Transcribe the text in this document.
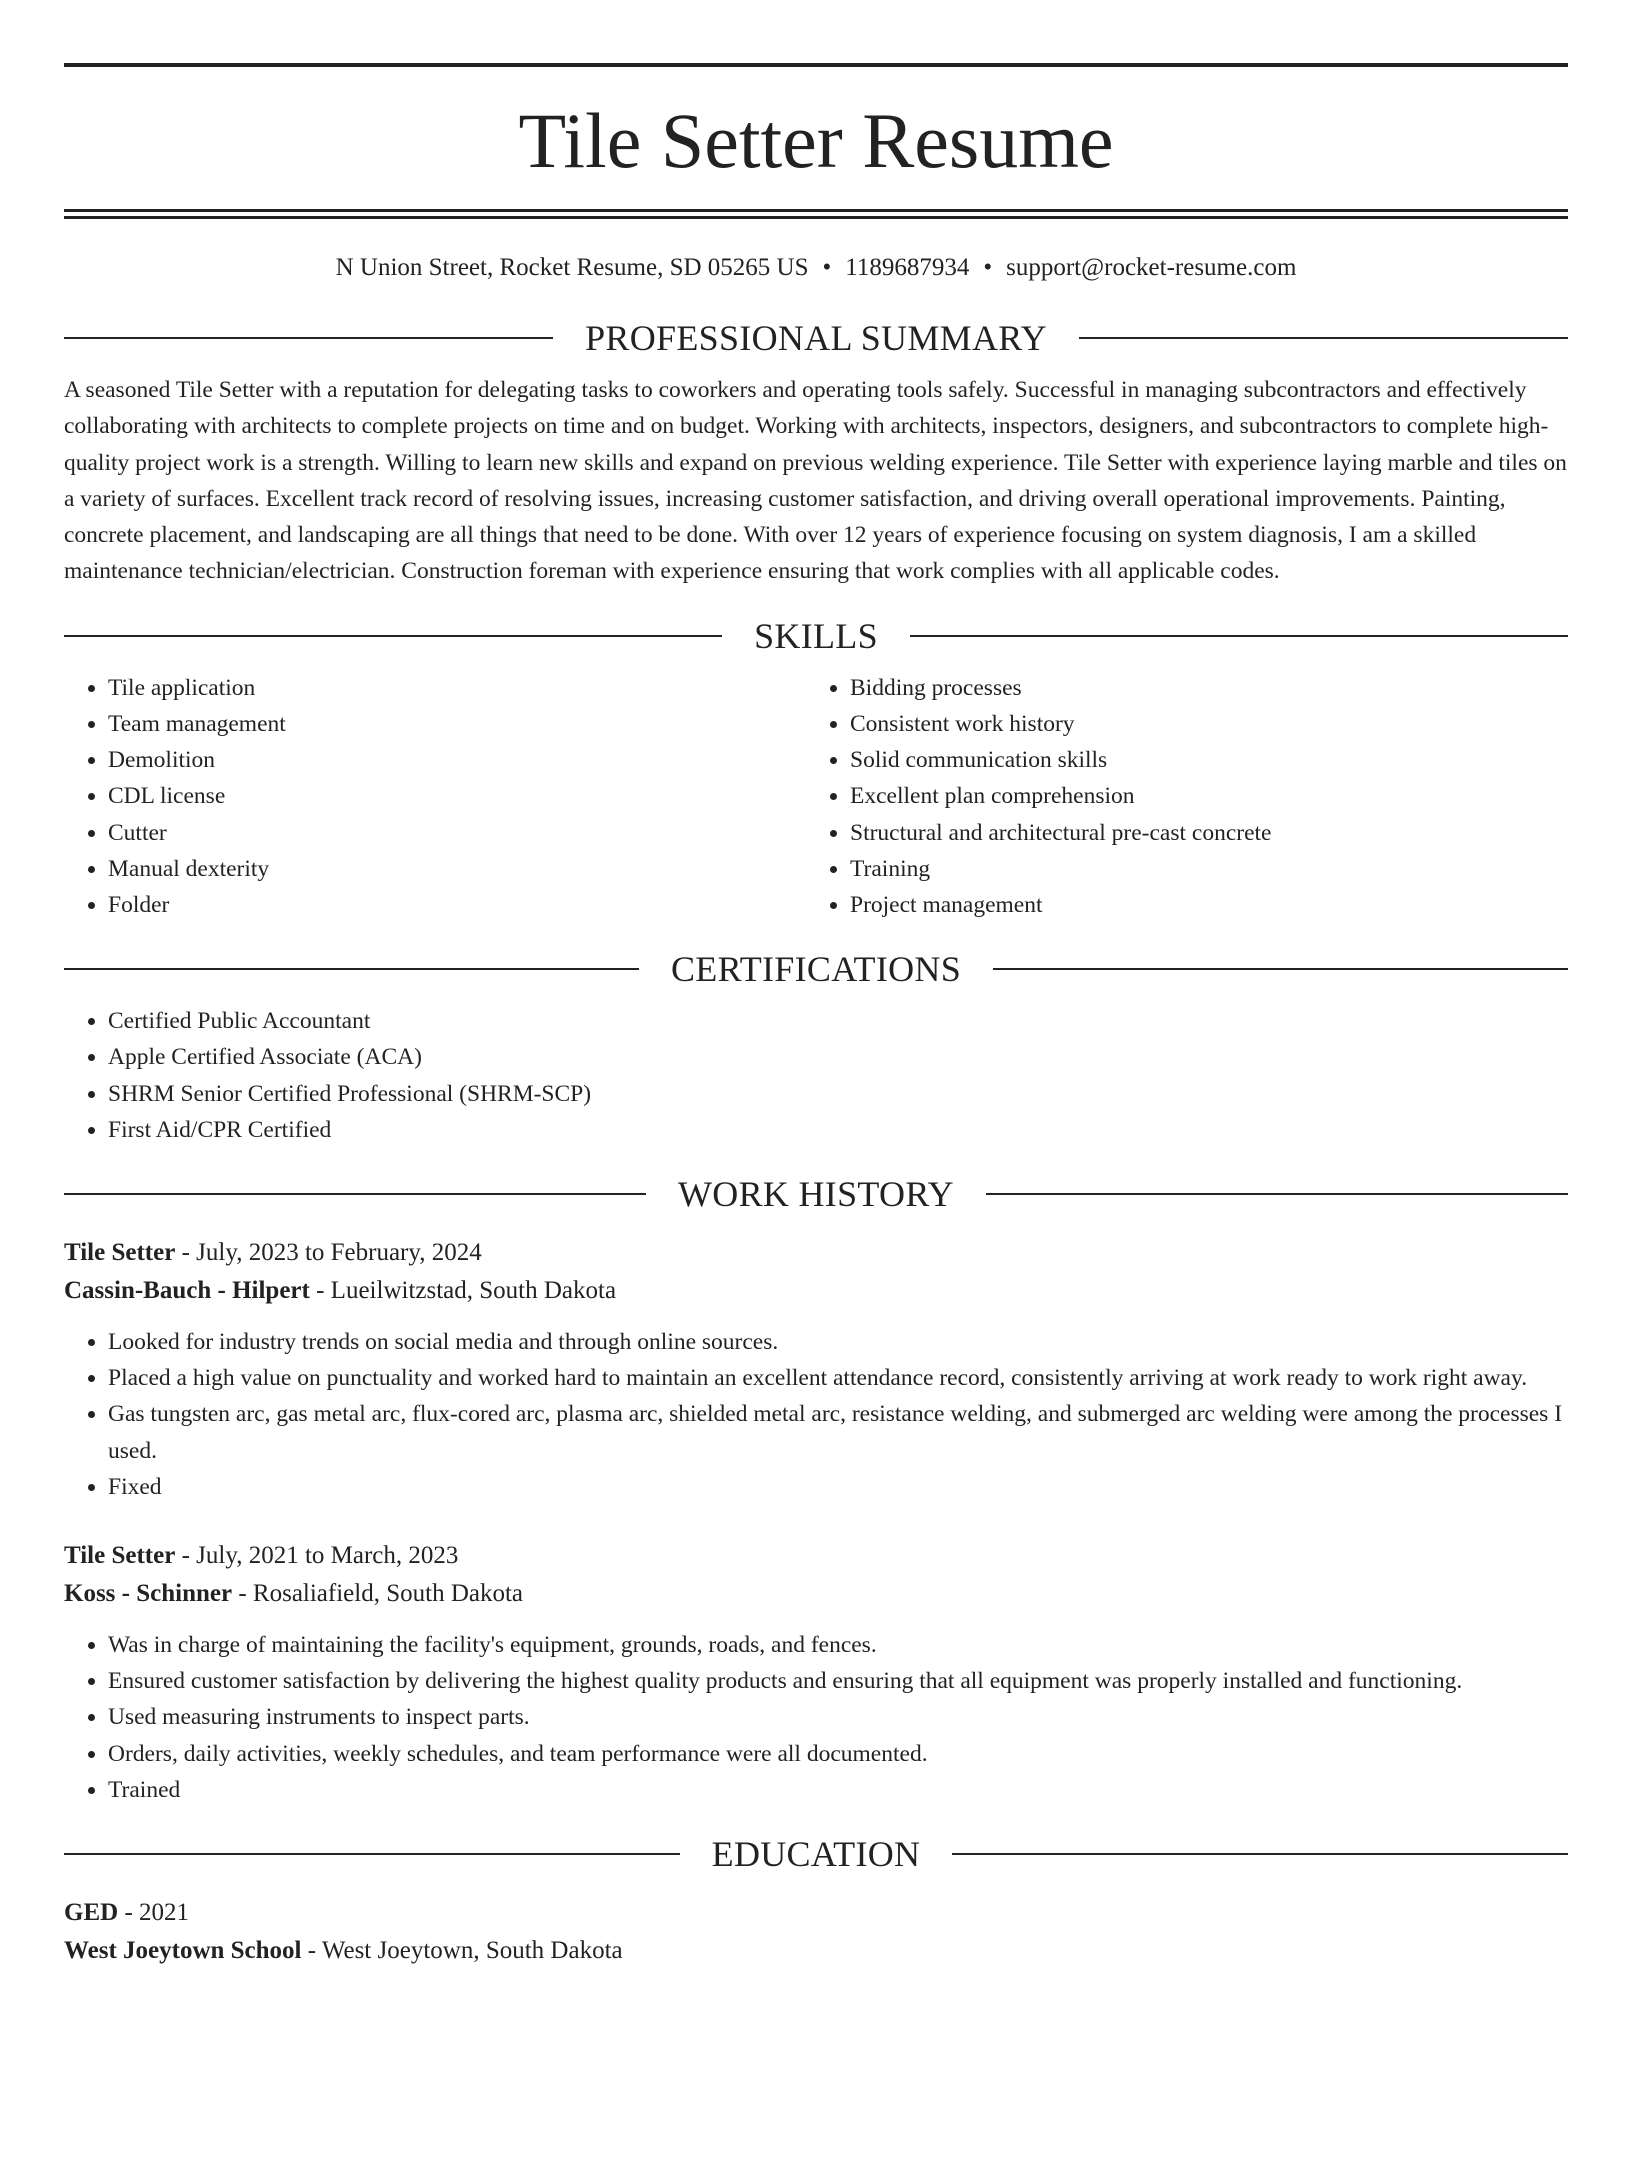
Tile Setter Resume
N Union Street, Rocket Resume, SD 05265 US • 1189687934 • support@rocket-resume.com
PROFESSIONAL SUMMARY

A seasoned Tile Setter with a reputation for delegating tasks to coworkers and operating tools safely. Successful in managing subcontractors and effectively collaborating with architects to complete projects on time and on budget. Working with architects, inspectors, designers, and subcontractors to complete high-quality project work is a strength. Willing to learn new skills and expand on previous welding experience. Tile Setter with experience laying marble and tiles on a variety of surfaces. Excellent track record of resolving issues, increasing customer satisfaction, and driving overall operational improvements. Painting, concrete placement, and landscaping are all things that need to be done. With over 12 years of experience focusing on system diagnosis, I am a skilled maintenance technician/electrician. Construction foreman with experience ensuring that work complies with all applicable codes.

SKILLS
• Tile application
• Team management
• Demolition
• CDL license
• Cutter
• Manual dexterity
• Folder
• Bidding processes
• Consistent work history
• Solid communication skills
• Excellent plan comprehension
• Structural and architectural pre-cast concrete
• Training
• Project management
CERTIFICATIONS
• Certified Public Accountant
• Apple Certified Associate (ACA)
• SHRM Senior Certified Professional (SHRM-SCP)
• First Aid/CPR Certified
WORK HISTORY
Tile Setter - July, 2023 to February, 2024
Cassin-Bauch - Hilpert - Lueilwitzstad, South Dakota
• Looked for industry trends on social media and through online sources.
• Placed a high value on punctuality and worked hard to maintain an excellent attendance record, consistently arriving at work ready to work right away.
• Gas tungsten arc, gas metal arc, flux-cored arc, plasma arc, shielded metal arc, resistance welding, and submerged arc welding were among the processes I used.
• Fixed
Tile Setter - July, 2021 to March, 2023
Koss - Schinner - Rosaliafield, South Dakota
• Was in charge of maintaining the facility's equipment, grounds, roads, and fences.
• Ensured customer satisfaction by delivering the highest quality products and ensuring that all equipment was properly installed and functioning.
• Used measuring instruments to inspect parts.
• Orders, daily activities, weekly schedules, and team performance were all documented.
• Trained
EDUCATION
GED - 2021
West Joeytown School - West Joeytown, South Dakota
